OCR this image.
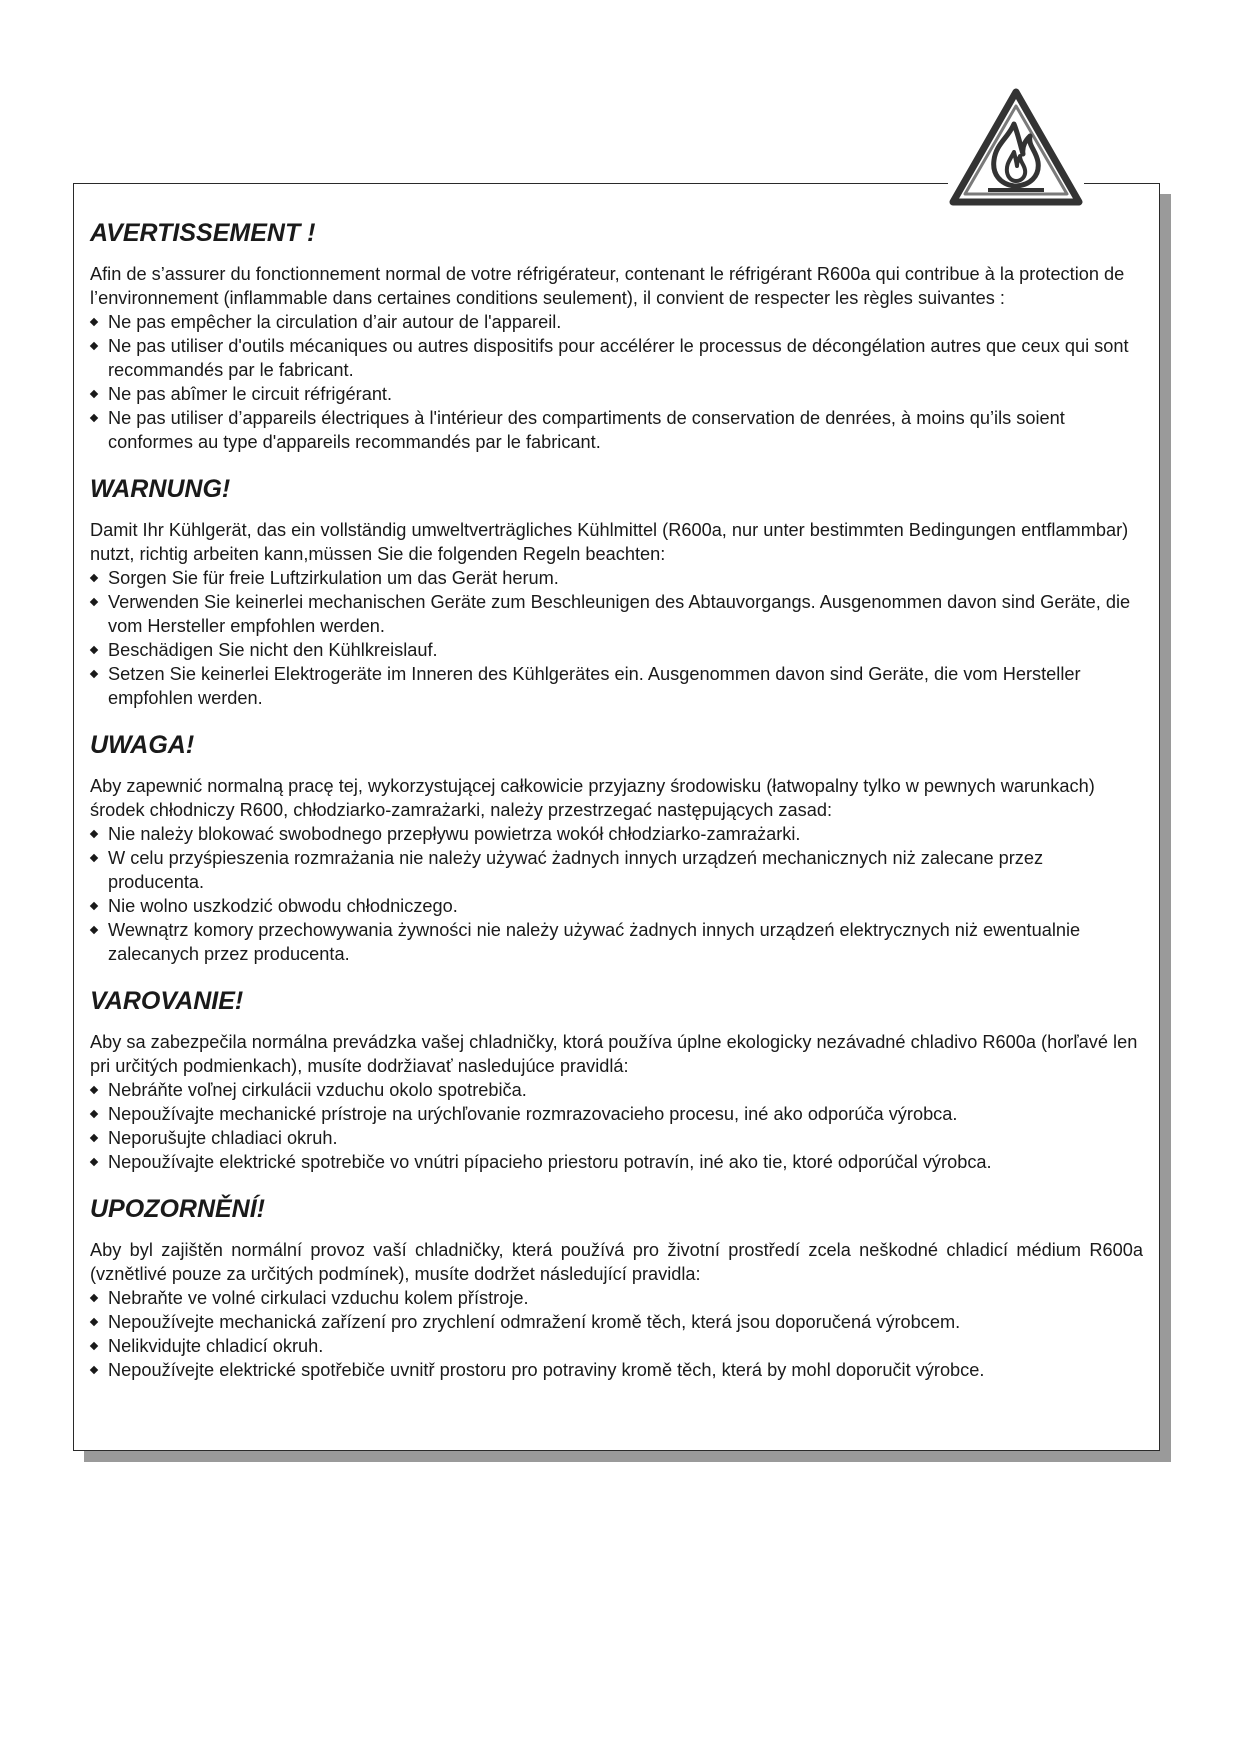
AVERTISSEMENT !

Afin de s’assurer du fonctionnement normal de votre réfrigérateur, contenant le réfrigérant R600a qui contribue à la protection de l’environnement (inflammable dans certaines conditions seulement), il convient de respecter les règles suivantes :

Ne pas empêcher la circulation d’air autour de l'appareil.
Ne pas utiliser d'outils mécaniques ou autres dispositifs pour accélérer le processus de décongélation autres que ceux qui sont recommandés par le fabricant.
Ne pas abîmer le circuit réfrigérant.
Ne pas utiliser d’appareils électriques à l'intérieur des compartiments de conservation de denrées, à moins qu’ils soient conformes au type d'appareils recommandés par le fabricant.
WARNUNG!

Damit Ihr Kühlgerät, das ein vollständig umweltverträgliches Kühlmittel (R600a, nur unter bestimmten Bedingungen entflammbar) nutzt, richtig arbeiten kann,müssen Sie die folgenden Regeln beachten:

Sorgen Sie für freie Luftzirkulation um das Gerät herum.
Verwenden Sie keinerlei mechanischen Geräte zum Beschleunigen des Abtauvorgangs. Ausgenommen davon sind Geräte, die vom Hersteller empfohlen werden.
Beschädigen Sie nicht den Kühlkreislauf.
Setzen Sie keinerlei Elektrogeräte im Inneren des Kühlgerätes ein. Ausgenommen davon sind Geräte, die vom Hersteller empfohlen werden.
UWAGA!

Aby zapewnić normalną pracę tej, wykorzystującej całkowicie przyjazny środowisku (łatwopalny tylko w pewnych warunkach) środek chłodniczy R600, chłodziarko-zamrażarki, należy przestrzegać następujących zasad:

Nie należy blokować swobodnego przepływu powietrza wokół chłodziarko-zamrażarki.
W celu przyśpieszenia rozmrażania nie należy używać żadnych innych urządzeń mechanicznych niż zalecane przez producenta.
Nie wolno uszkodzić obwodu chłodniczego.
Wewnątrz komory przechowywania żywności nie należy używać żadnych innych urządzeń elektrycznych niż ewentualnie zalecanych przez producenta.
VAROVANIE!

Aby sa zabezpečila normálna prevádzka vašej chladničky, ktorá používa úplne ekologicky nezávadné chladivo R600a (horľavé len pri určitých podmienkach), musíte dodržiavať nasledujúce pravidlá:

Nebráňte voľnej cirkulácii vzduchu okolo spotrebiča.
Nepoužívajte mechanické prístroje na urýchľovanie rozmrazovacieho procesu, iné ako odporúča výrobca.
Neporušujte chladiaci okruh.
Nepoužívajte elektrické spotrebiče vo vnútri pípacieho priestoru potravín, iné ako tie, ktoré odporúčal výrobca.
UPOZORNĚNÍ!

Aby byl zajištěn normální provoz vaší chladničky, která používá pro životní prostředí zcela neškodné chladicí médium R600a (vznětlivé pouze za určitých podmínek), musíte dodržet následující pravidla:

Nebraňte ve volné cirkulaci vzduchu kolem přístroje.
Nepoužívejte mechanická zařízení pro zrychlení odmražení kromě těch, která jsou doporučená výrobcem.
Nelikvidujte chladicí okruh.
Nepoužívejte elektrické spotřebiče uvnitř prostoru pro potraviny kromě těch, která by mohl doporučit výrobce.
